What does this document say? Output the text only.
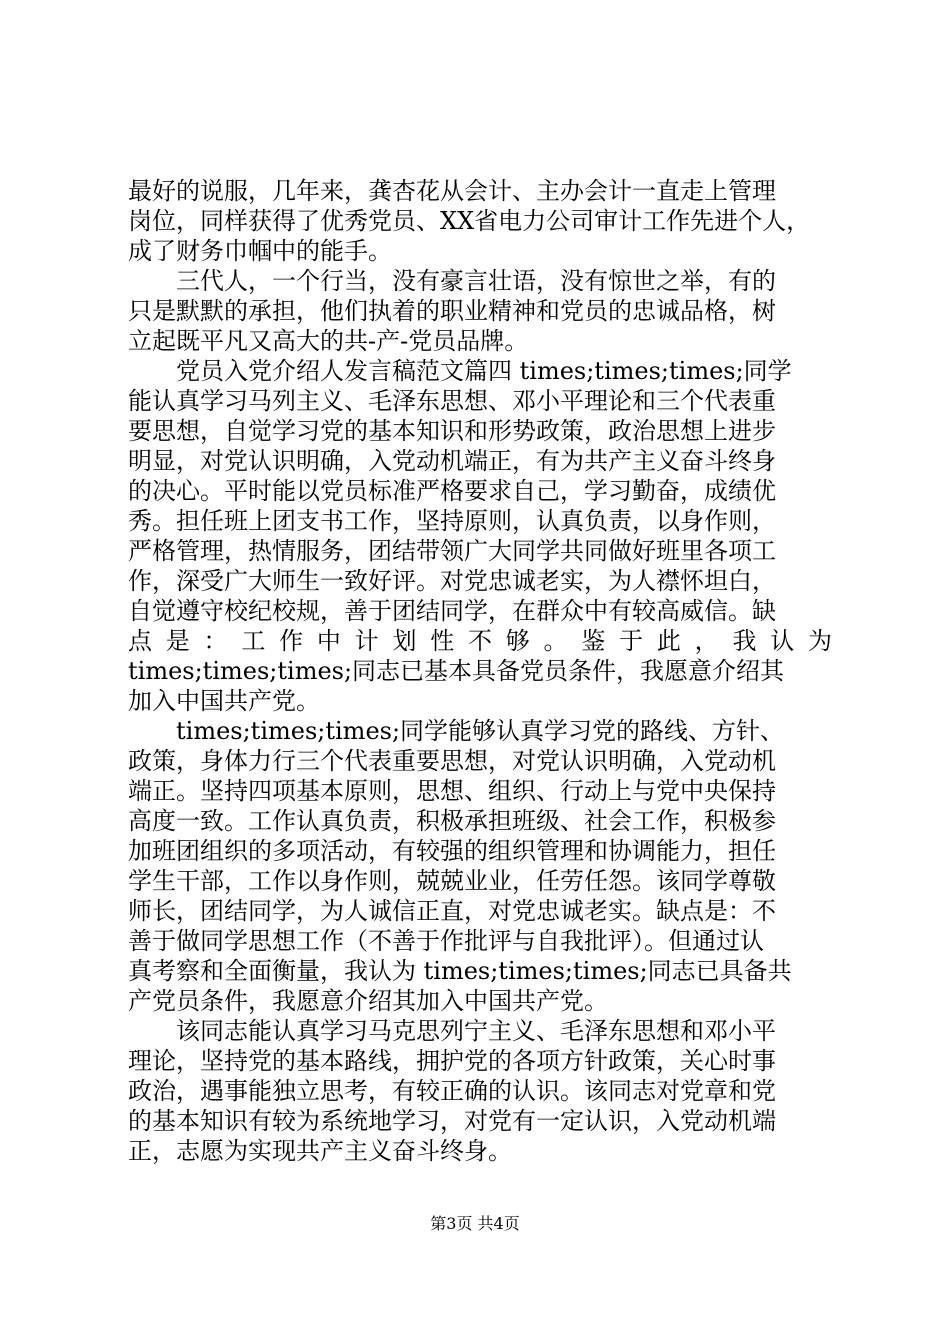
最好的说服，几年来，龚杏花从会计、主办会计一直走上管理
岗位，同样获得了优秀党员、XX省电力公司审计工作先进个人，
成了财务巾帼中的能手。
　　三代人，一个行当，没有豪言壮语，没有惊世之举，有的
只是默默的承担，他们执着的职业精神和党员的忠诚品格，树
立起既平凡又高大的共-产-党员品牌。
　　党员入党介绍人发言稿范文篇四 times;times;times;同学
能认真学习马列主义、毛泽东思想、邓小平理论和三个代表重
要思想，自觉学习党的基本知识和形势政策，政治思想上进步
明显，对党认识明确，入党动机端正，有为共产主义奋斗终身
的决心。平时能以党员标准严格要求自己，学习勤奋，成绩优
秀。担任班上团支书工作，坚持原则，认真负责，以身作则，
严格管理，热情服务，团结带领广大同学共同做好班里各项工
作，深受广大师生一致好评。对党忠诚老实，为人襟怀坦白，
自觉遵守校纪校规，善于团结同学，在群众中有较高威信。缺
点是：工作中计划性不够。鉴于此，我认为
times;times;times;同志已基本具备党员条件，我愿意介绍其
加入中国共产党。
　　times;times;times;同学能够认真学习党的路线、方针、
政策，身体力行三个代表重要思想，对党认识明确，入党动机
端正。坚持四项基本原则，思想、组织、行动上与党中央保持
高度一致。工作认真负责，积极承担班级、社会工作，积极参
加班团组织的多项活动，有较强的组织管理和协调能力，担任
学生干部，工作以身作则，兢兢业业，任劳任怨。该同学尊敬
师长，团结同学，为人诚信正直，对党忠诚老实。缺点是：不
善于做同学思想工作（不善于作批评与自我批评）。但通过认
真考察和全面衡量，我认为 times;times;times;同志已具备共
产党员条件，我愿意介绍其加入中国共产党。
　　该同志能认真学习马克思列宁主义、毛泽东思想和邓小平
理论，坚持党的基本路线，拥护党的各项方针政策，关心时事
政治，遇事能独立思考，有较正确的认识。该同志对党章和党
的基本知识有较为系统地学习，对党有一定认识，入党动机端
正，志愿为实现共产主义奋斗终身。
第3页 共4页
